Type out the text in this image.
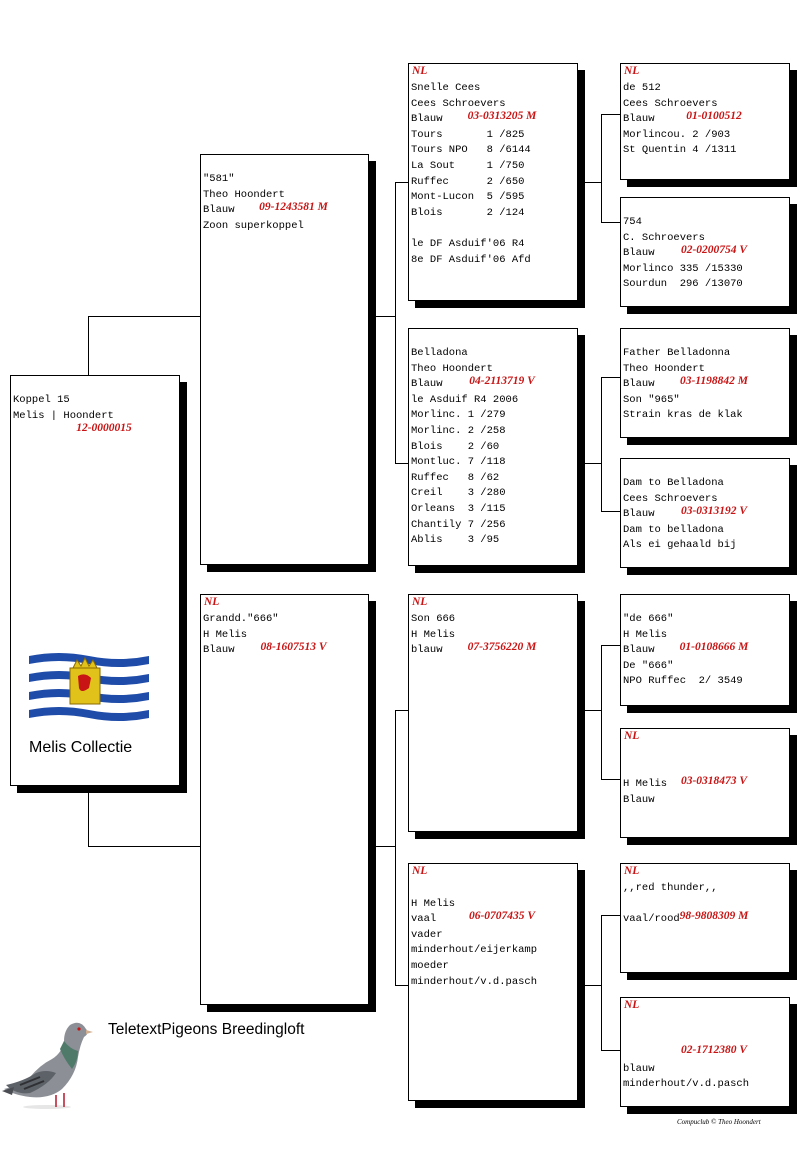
12-0000015

Koppel 15
Melis | Hoondert
Melis Collectie

09-1243581 M

"581"
Theo Hoondert
Blauw
Zoon superkoppel

NL

08-1607513 V

Grandd."666"
H Melis
Blauw

NL

03-0313205 M

Snelle Cees
Cees Schroevers
Blauw
Tours       1 /825
Tours NPO   8 /6144
La Sout     1 /750
Ruffec      2 /650
Mont-Lucon  5 /595
Blois       2 /124
le DF Asduif'06 R4
8e DF Asduif'06 Afd

04-2113719 V

Belladona
Theo Hoondert
Blauw
le Asduif R4 2006
Morlinc. 1 /279
Morlinc. 2 /258
Blois    2 /60
Montluc. 7 /118
Ruffec   8 /62
Creil    3 /280
Orleans  3 /115
Chantily 7 /256
Ablis    3 /95

NL

07-3756220 M

Son 666
H Melis
blauw

NL

06-0707435 V

H Melis
vaal
vader
minderhout/eijerkamp
moeder
minderhout/v.d.pasch

NL

01-0100512

de 512
Cees Schroevers
Blauw
Morlincou. 2 /903
St Quentin 4 /1311

02-0200754 V

754
C. Schroevers
Blauw
Morlinco 335 /15330
Sourdun  296 /13070

03-1198842 M

Father Belladonna
Theo Hoondert
Blauw
Son "965"
Strain kras de klak

03-0313192 V

Dam to Belladona
Cees Schroevers
Blauw
Dam to belladona
Als ei gehaald bij

01-0108666 M

"de 666"
H Melis
Blauw
De "666"
NPO Ruffec  2/ 3549

NL

03-0318473 V

H Melis
Blauw

NL

98-9808309 M

,,red thunder,,
vaal/rood

NL

02-1712380 V

blauw
minderhout/v.d.pasch
TeletextPigeons Breedingloft
Compuclub © Theo Hoondert
